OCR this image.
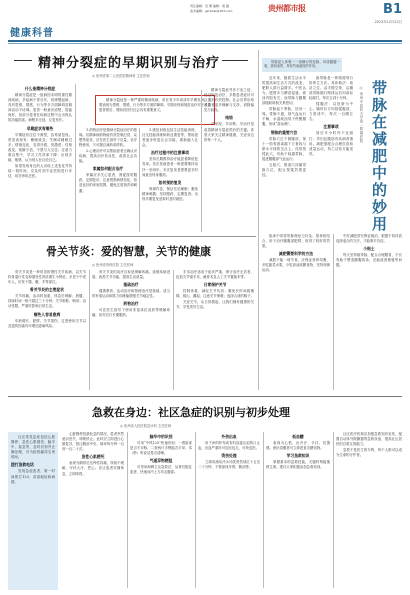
健康科普
责任编辑：吴 骞 编辑：胡 越
美术编辑：gzrbmk@163.com	贵州都市报	B1
2023年12月22日
精神分裂症的早期识别与治疗
◎ 贵州省第二人民医院精神科 主任医师
什么是精神分裂症

精神分裂症是一组病因未明的重性精神疾病，多起病于青壮年，常缓慢起病，具有思维、情感、行为等多方面障碍及精神活动不协调。患者一般意识清楚，智能尚好，但部分患者在疾病过程中会出现认知功能损害。病程多迁延，反复发作。

早期症状有哪些

早期症状往往不典型，容易被忽视。常见表现有：睡眠改变，失眠或睡眠过多；情绪变化，变得冷漠、易激惹；性格改变，孤僻少语，不愿与人交往；注意力难以集中，学习工作效率下降；出现多疑、敏感，认为别人在议论自己。

如果发现身边的人出现上述变化并持续一段时间，应及时到专业医院进行评估，切勿讳疾忌医。

精神分裂症是一种严重的精神疾病，常在青少年或成年早期发病，主要表现为思维、情感、行为等多方面的障碍。早期识别和规范治疗对于改善患者预后、帮助其回归社会具有重要意义。

1.药物治疗是精神分裂症治疗的基础。抗精神病药物能有效控制幻觉、妄想等症状，应在医生指导下足量、足疗程使用，不可擅自减药或停药。

2.心理治疗可以帮助患者正确认识疾病，提高治疗依从性，改善社会功能。

家属如何配合治疗

家属应多关心患者，督促按时服药，定期复诊，注意观察病情变化，营造良好的家庭氛围，避免过度指责和刺激。

3.康复训练包括生活技能训练、社交技能训练和职业康复等，帮助患者逐步恢复社会功能，重新融入社会。

治疗过程中的注意事项

坚持长期维持治疗能显著降低复发率。首次发病患者一般需要维持治疗一至两年，多次复发者需要更长时间甚至终身服药。

如何预防复发

规律作息，保证充足睡眠；避免精神刺激；坚持服药，定期复查；出现早期复发迹象时及时就医。

精神分裂症并非不治之症，经过规范治疗，多数患者症状可以得到有效控制。社会各界应给予患者更多理解与支持，消除偏见与歧视。

结语

早发现、早诊断、早治疗是改善精神分裂症预后的关键。希望大家关注精神健康，关爱身边的每一个人。

带脉是人体唯一一条横行的经脉，环绕腰腹一周，犹如束带，具有约束诸经的作用。

带脉在减肥中的妙用
◎ 贵州中医药大学第一附属医院

近年来，随着生活水平的提高和生活方式的改变，肥胖人群日益增多。中医认为，肥胖多与脾虚湿盛、痰浊内阻有关，而带脉与腰腹部脂肪堆积关系密切。

带脉起于季胁，回身一周。带脉不通，则气血运行不畅，水湿痰浊易于停聚腰腹，形成“游泳圈”。

带脉的重要穴位

带脉穴位于侧腹部，第十一肋骨游离端下方垂线与脐水平线的交点上。经常按揉此穴，有助于疏通带脉，促进腰腹部气血运行。

五枢穴、维道穴同属带脉穴位，配合按揉效果更佳。

敲带脉是一种简便易行的养生方法。具体做法：取站立位，双手握空拳，沿腰部带脉循行路线从后向前轻轻敲打，每次五到十分钟。

揉腹法：以肚脐为中心，顺时针方向按揉腹部，力度适中，每次一百圈左右。

注意事项

饭后半小时内不宜敲打；孕妇及腹部有疾病者慎用。减肥需配合合理饮食和适量运动，持之以恒方能见效。

骨关节炎：爱的智慧，关节的健康
◎ 贵州省骨科医院 主任医师

骨关节炎是一种常见的慢性关节疾病，以关节软骨退行性变和继发性骨质增生为特征，多见于中老年人，好发于膝、髋、手等部位。

骨关节炎的主要症状

关节疼痛，活动时加重，休息后缓解；晨僵，持续时间一般不超过三十分钟；关节肿胀、畸形；活动受限，严重时影响日常生活。

哪些人容易患病

年龄增长、肥胖、关节损伤、过度使用关节以及遗传因素均可增加患病风险。

骨关节炎的治疗目标是缓解疼痛、延缓疾病进展、改善关节功能、提高生活质量。

基础治疗

健康教育、运动治疗和物理治疗是基础。适当的有氧运动和肌力训练能增强关节稳定性。

药物治疗

可在医生指导下使用非甾体抗炎药等缓解疼痛，切勿自行长期服药。

手术治疗适用于症状严重、保守治疗无效者，包括关节镜手术、截骨术及人工关节置换术等。

日常保护关节

控制体重，减轻关节负担；避免长时间爬楼梯、爬山、蹲起；注意关节保暖；选择合适的鞋子。

关爱关节，从日常做起，让我们拥有健康的关节，享受美好生活。

临床中常将带脉理论与针灸、推拿相结合，用于治疗腰腹部肥胖，取得了较好的效果。

减肥需要科学的方法

减肥不能一味节食，应保证营养均衡，多吃蔬菜水果，少吃高油高糖食物，坚持规律运动。

中医减肥讲究辨证施治，根据不同体质选择适合的方法，才能事半功倍。

小贴士

每天坚持敲带脉，配合合理膳食，不仅有助于塑造腰腹线条，还能改善便秘等问题。

急救在身边：社区急症的识别与初步处理
◎ 贵州省人民医院急诊科 主任医师

社区常见急症包括心脏骤停、急性心肌梗死、脑卒中、窒息等，及时识别并正确处理，可为抢救赢得宝贵时间。

拨打急救电话

发现急症患者，第一时间拨打120，讲清地址和病情。

心脏骤停是最危急的情况，患者突然意识丧失、呼吸停止。此时应立即进行心肺复苏，按压胸部中央，频率每分钟一百到一百二十次。

急性心肌梗死

表现为胸骨后压榨性疼痛，持续不缓解，可伴大汗、恶心。应让患者安静休息，立即呼救。

脑卒中的识别

可用“中风120”快速识别：一看脸部是否不对称，二查两只手臂能否平举，零（聆）听说话是否清晰。

气道异物梗阻

可采用海姆立克急救法，从背后抱住患者，快速向内上方冲击腹部。

外伤出血

用干净的纱布或布料直接压迫伤口止血，出血严重时可加压包扎，尽快送医。

烫伤处理

立即用流动冷水冲洗烫伤部位十五至二十分钟，不要涂抹牙膏、酱油等。

低血糖

表现为心慌、出冷汗、手抖、饥饿感。意识清醒者可立即进食含糖食物。

学习急救知识

掌握基本的急救技能，关键时刻能挽救生命。建议大家积极参加急救培训。

社区医疗机构应加强急救知识宣传，配置自动体外除颤器等急救设备，提高社区居民的自救互救能力。

急救不是医生的专利，每个人都可以成为生命的守护者。
